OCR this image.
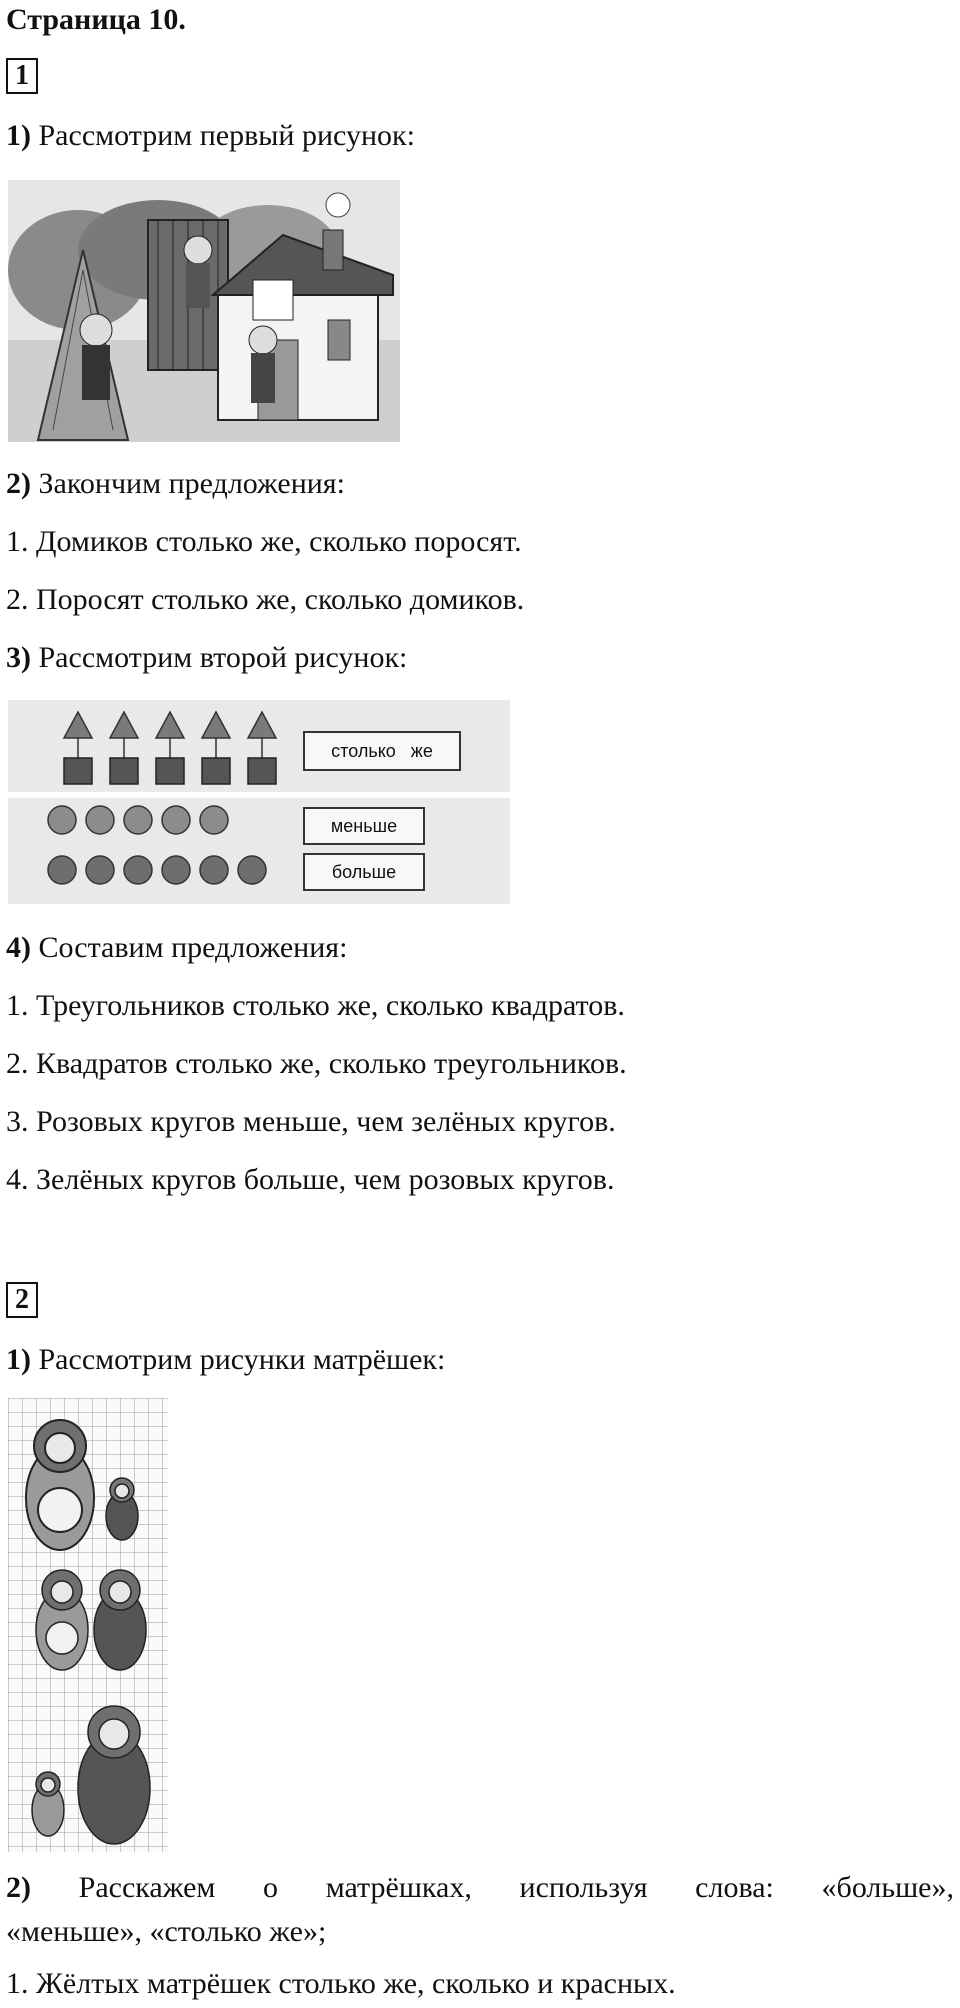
Страница 10.
1
1) Рассмотрим первый рисунок:
2) Закончим предложения:
1. Домиков столько же, сколько поросят.
2. Поросят столько же, сколько домиков.
3) Рассмотрим второй рисунок:
столько   же
меньше
больше
4) Составим предложения:
1. Треугольников столько же, сколько квадратов.
2. Квадратов столько же, сколько треугольников.
3. Розовых кругов меньше, чем зелёных кругов.
4. Зелёных кругов больше, чем розовых кругов.
2
1) Рассмотрим рисунки матрёшек:
2) Расскажем о матрёшках, используя слова: «больше»,
«меньше», «столько же»;
1. Жёлтых матрёшек столько же, сколько и красных.
